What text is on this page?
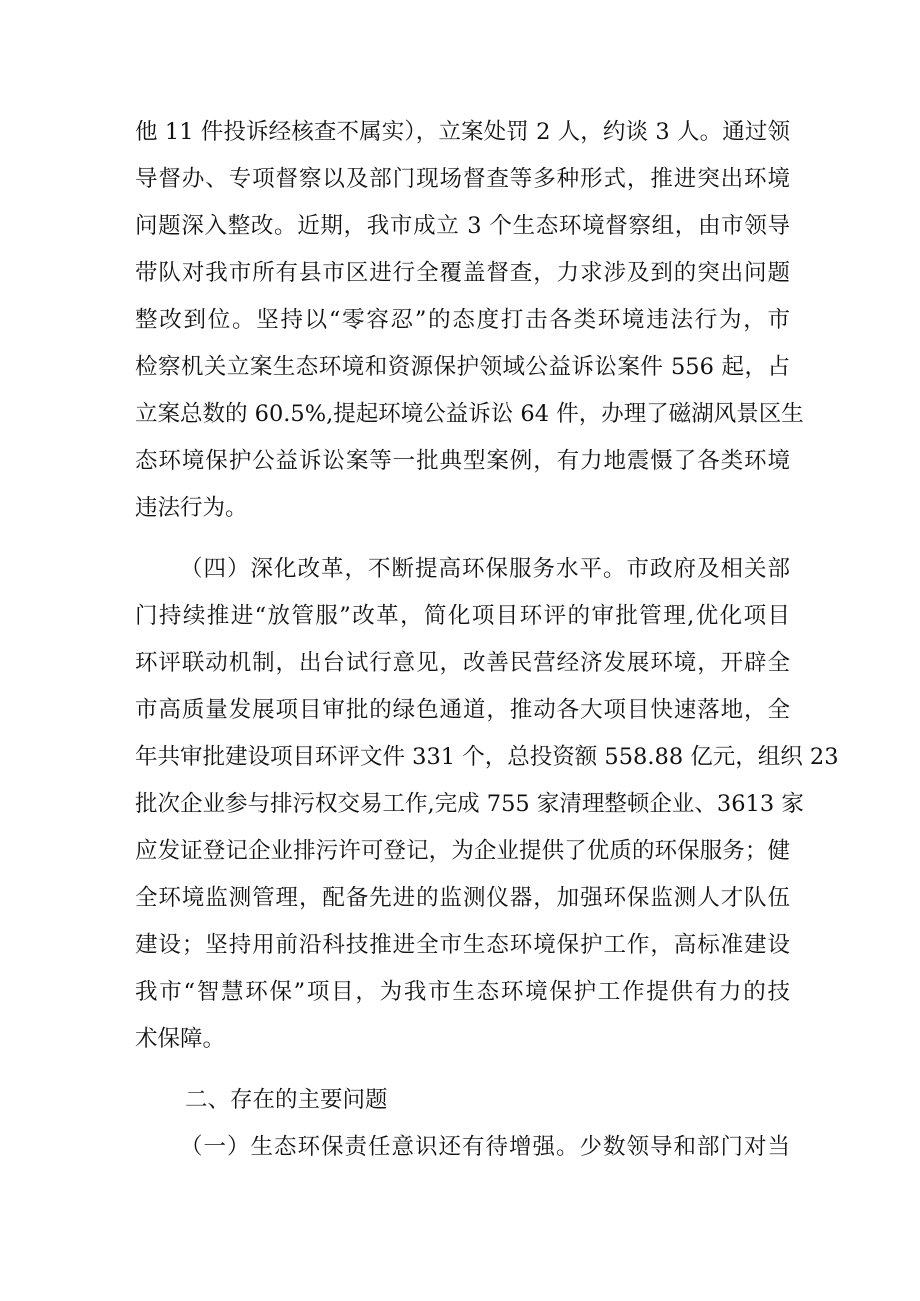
他 11 件投诉经核查不属实），立案处罚 2 人，约谈 3 人。通过领
导督办、专项督察以及部门现场督查等多种形式，推进突出环境
问题深入整改。近期，我市成立 3 个生态环境督察组，由市领导
带队对我市所有县市区进行全覆盖督查，力求涉及到的突出问题
整改到位。坚持以“零容忍”的态度打击各类环境违法行为，市
检察机关立案生态环境和资源保护领域公益诉讼案件 556 起，占
立案总数的 60.5%,提起环境公益诉讼 64 件，办理了磁湖风景区生
态环境保护公益诉讼案等一批典型案例，有力地震慑了各类环境
违法行为。
（四）深化改革，不断提高环保服务水平。市政府及相关部
门持续推进“放管服”改革，简化项目环评的审批管理,优化项目
环评联动机制，出台试行意见，改善民营经济发展环境，开辟全
市高质量发展项目审批的绿色通道，推动各大项目快速落地，全
年共审批建设项目环评文件 331 个，总投资额 558.88 亿元，组织 23
批次企业参与排污权交易工作,完成 755 家清理整顿企业、3613 家
应发证登记企业排污许可登记，为企业提供了优质的环保服务；健
全环境监测管理，配备先进的监测仪器，加强环保监测人才队伍
建设；坚持用前沿科技推进全市生态环境保护工作，高标准建设
我市“智慧环保”项目，为我市生态环境保护工作提供有力的技
术保障。
二、存在的主要问题
（一）生态环保责任意识还有待增强。少数领导和部门对当
